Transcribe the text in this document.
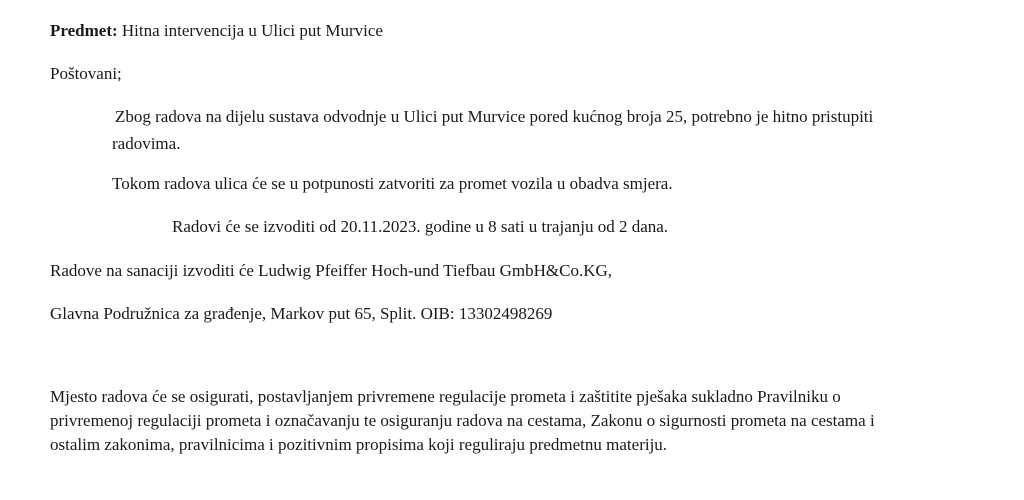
Predmet: Hitna intervencija u Ulici put Murvice
Poštovani;
Zbog radova na dijelu sustava odvodnje u Ulici put Murvice pored kućnog broja 25, potrebno je hitno pristupiti
radovima.
Tokom radova ulica će se u potpunosti zatvoriti za promet vozila u obadva smjera.
Radovi će se izvoditi od 20.11.2023. godine u 8 sati u trajanju od 2 dana.
Radove na sanaciji izvoditi će Ludwig Pfeiffer Hoch-und Tiefbau GmbH&Co.KG,
Glavna Podružnica za građenje, Markov put 65, Split. OIB: 13302498269
Mjesto radova će se osigurati, postavljanjem privremene regulacije prometa i zaštitite pješaka sukladno Pravilniku o
privremenoj regulaciji prometa i označavanju te osiguranju radova na cestama, Zakonu o sigurnosti prometa na cestama i
ostalim zakonima, pravilnicima i pozitivnim propisima koji reguliraju predmetnu materiju.
